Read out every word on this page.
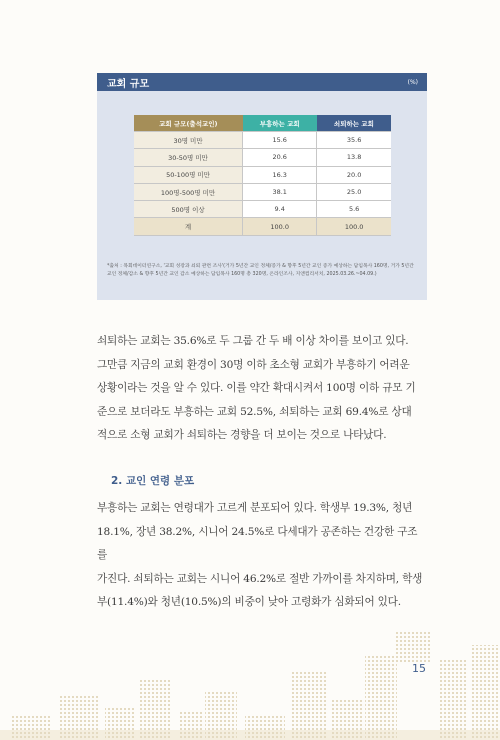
교회 규모	(%)
교회 규모(출석교인)	부흥하는 교회	쇠퇴하는 교회
30명 미만	15.6	35.6
30-50명 미만	20.6	13.8
50-100명 미만	16.3	20.0
100명-500명 미만	38.1	25.0
500명 이상	9.4	5.6
계	100.0	100.0

*출처 : 목회데이터연구소, '교회 성장과 쇠퇴 관련 조사'(거가 5년간 교인 정체/증가 & 향후 5년간 교인 증가 예상하는 담임목사 160명, 거가 5년간 교인 정체/감소 & 향후 5년간 교인 감소 예상하는 담임목사 160명 총 320명, 온라인조사, 지앤컴리서치, 2025.03.26.~04.09.)

쇠퇴하는 교회는 35.6%로 두 그룹 간 두 배 이상 차이를 보이고 있다.
그만큼 지금의 교회 환경이 30명 이하 초소형 교회가 부흥하기 어려운
상황이라는 것을 알 수 있다. 이를 약간 확대시켜서 100명 이하 규모 기
준으로 보더라도 부흥하는 교회 52.5%, 쇠퇴하는 교회 69.4%로 상대
적으로 소형 교회가 쇠퇴하는 경향을 더 보이는 것으로 나타났다.

2. 교인 연령 분포

부흥하는 교회는 연령대가 고르게 분포되어 있다. 학생부 19.3%, 청년
18.1%, 장년 38.2%, 시니어 24.5%로 다세대가 공존하는 건강한 구조를
가진다. 쇠퇴하는 교회는 시니어 46.2%로 절반 가까이를 차지하며, 학생
부(11.4%)와 청년(10.5%)의 비중이 낮아 고령화가 심화되어 있다.

15
